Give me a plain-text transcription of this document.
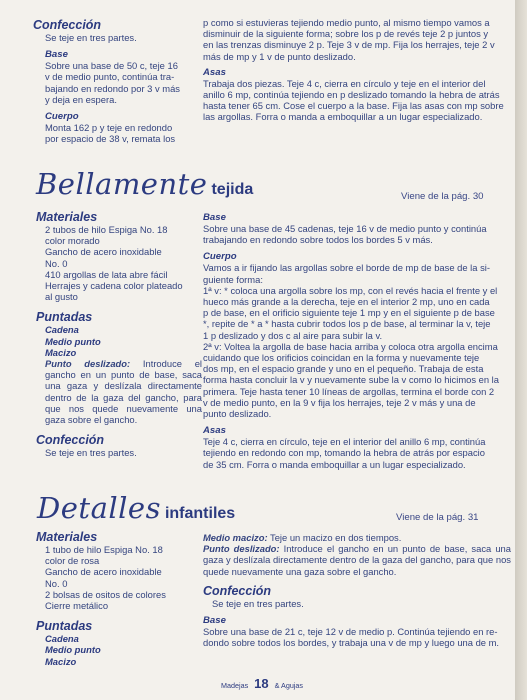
Confección
Se teje en tres partes.
Base
Sobre una base de 50 c, teje 16
v de medio punto, continúa tra-
bajando en redondo por 3 v más
y deja en espera.
Cuerpo
Monta 162 p y teje en redondo
por espacio de 38 v, remata los
p como si estuvieras tejiendo medio punto, al mismo tiempo vamos a
disminuir de la siguiente forma; sobre los p de revés teje 2 p juntos y
en las trenzas disminuye 2 p. Teje 3 v de mp. Fija los herrajes, teje 2 v
más de mp y 1 v de punto deslizado.
Asas
Trabaja dos piezas. Teje 4 c, cierra en círculo y teje en el interior del
anillo 6 mp, continúa tejiendo en p deslizado tomando la hebra de atrás
hasta tener 65 cm. Cose el cuerpo a la base. Fija las asas con mp sobre
las argollas. Forra o manda a emboquillar a un lugar especializado.
Bellamente tejida	Viene de la pág. 30
Materiales
2 tubos de hilo Espiga No. 18
color morado
Gancho de acero inoxidable
No. 0
410 argollas de lata abre fácil
Herrajes y cadena color plateado
al gusto
Puntadas
Cadena
Medio punto
Macizo
Punto deslizado: Introduce el gancho en un punto de base, saca una gaza y deslízala directamente dentro de la gaza del gancho, para que nos quede nuevamente una gaza sobre el gancho.
Confección
Se teje en tres partes.
Base
Sobre una base de 45 cadenas, teje 16 v de medio punto y continúa
trabajando en redondo sobre todos los bordes 5 v más.
Cuerpo
Vamos a ir fijando las argollas sobre el borde de mp de base de la si-
guiente forma:
1ª v: * coloca una argolla sobre los mp, con el revés hacia el frente y el
hueco más grande a la derecha, teje en el interior 2 mp, uno en cada
p de base, en el orificio siguiente teje 1 mp y en el siguiente p de base
*, repite de * a * hasta cubrir todos los p de base, al terminar la v, teje
1 p deslizado y dos c al aire para subir la v.
2ª v: Voltea la argolla de base hacia arriba y coloca otra argolla encima
cuidando que los orificios coincidan en la forma y nuevamente teje
dos mp, en el espacio grande y uno en el pequeño. Trabaja de esta
forma hasta concluir la v y nuevamente sube la v como lo hicimos en la
primera. Teje hasta tener 10 líneas de argollas, termina el borde con 2
v de medio punto, en la 9 v fija los herrajes, teje 2 v más y una de
punto deslizado.
Asas
Teje 4 c, cierra en círculo, teje en el interior del anillo 6 mp, continúa
tejiendo en redondo con mp, tomando la hebra de atrás por espacio
de 35 cm. Forra o manda emboquillar a un lugar especializado.
Detalles infantiles	Viene de la pág. 31
Materiales
1 tubo de hilo Espiga No. 18
color de rosa
Gancho de acero inoxidable
No. 0
2 bolsas de ositos de colores
Cierre metálico
Puntadas
Cadena
Medio punto
Macizo
Medio macizo: Teje un macizo en dos tiempos.
Punto deslizado: Introduce el gancho en un punto de base, saca una gaza y deslízala directamente dentro de la gaza del gancho, para que nos quede nuevamente una gaza sobre el gancho.
Confección
Se teje en tres partes.
Base
Sobre una base de 21 c, teje 12 v de medio p. Continúa tejiendo en re-
dondo sobre todos los bordes, y trabaja una v de mp y luego una de m.
Madejas 18 & Agujas
